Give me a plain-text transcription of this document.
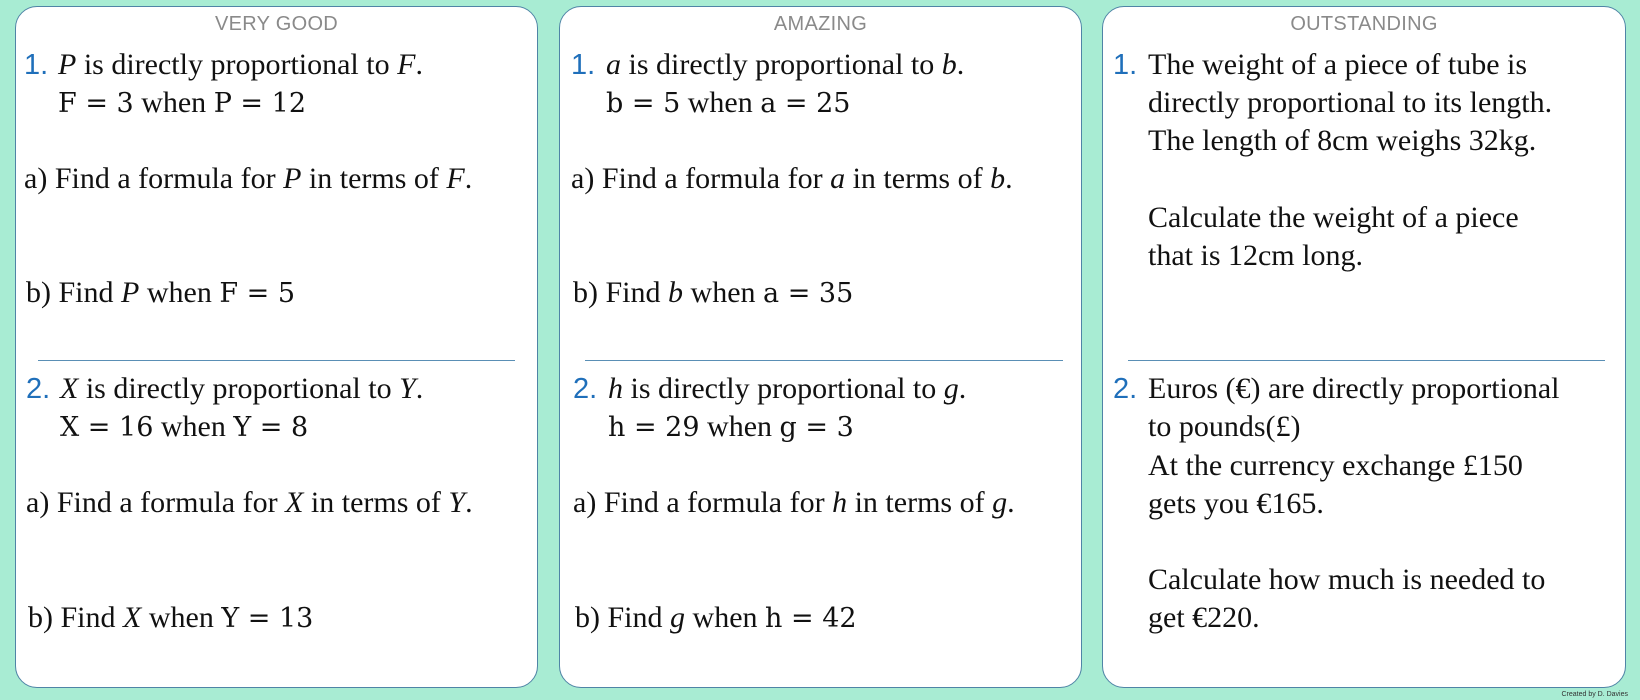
VERY GOOD
1. P is directly proportional to F.
F = 3 when P = 12
a) Find a formula for P in terms of F.
b) Find P when F = 5
2. X is directly proportional to Y.
X = 16 when Y = 8
a) Find a formula for X in terms of Y.
b) Find X when Y = 13
AMAZING
1. a is directly proportional to b.
b = 5 when a = 25
a) Find a formula for a in terms of b.
b) Find b when a = 35
2. h is directly proportional to g.
h = 29 when g = 3
a) Find a formula for h in terms of g.
b) Find g when h = 42
OUTSTANDING
1. The weight of a piece of tube is
directly proportional to its length.
The length of 8cm weighs 32kg.
Calculate the weight of a piece
that is 12cm long.
2. Euros (€) are directly proportional
to pounds(£)
At the currency exchange £150
gets you €165.
Calculate how much is needed to
get €220.
Created by D. Davies
